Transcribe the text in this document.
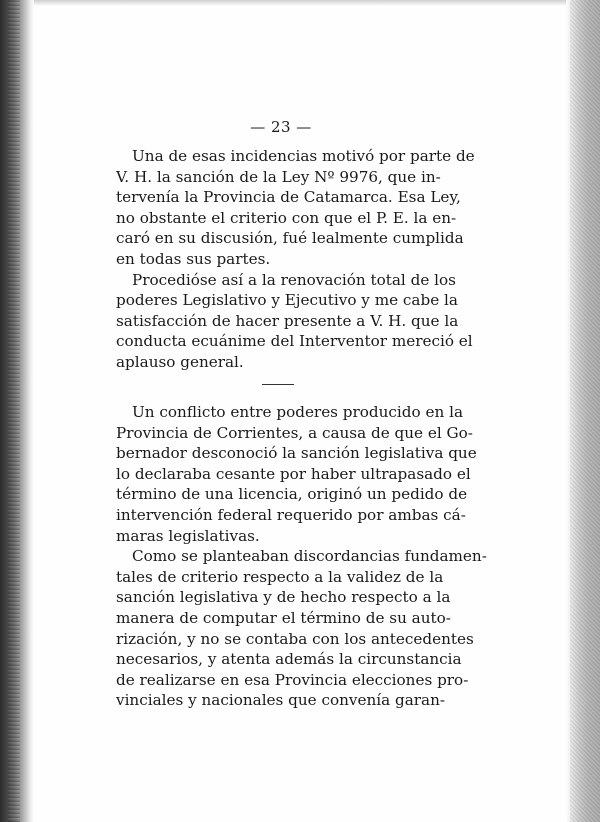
— 23 —
Una de esas incidencias motivó por parte de
V. H. la sanción de la Ley Nº 9976, que in-
tervenía la Provincia de Catamarca. Esa Ley,
no obstante el criterio con que el P. E. la en-
caró en su discusión, fué lealmente cumplida
en todas sus partes.
Procedióse así a la renovación total de los
poderes Legislativo y Ejecutivo y me cabe la
satisfacción de hacer presente a V. H. que la
conducta ecuánime del Interventor mereció el
aplauso general.
Un conflicto entre poderes producido en la
Provincia de Corrientes, a causa de que el Go-
bernador desconoció la sanción legislativa que
lo declaraba cesante por haber ultrapasado el
término de una licencia, originó un pedido de
intervención federal requerido por ambas cá-
maras legislativas.
Como se planteaban discordancias fundamen-
tales de criterio respecto a la validez de la
sanción legislativa y de hecho respecto a la
manera de computar el término de su auto-
rización, y no se contaba con los antecedentes
necesarios, y atenta además la circunstancia
de realizarse en esa Provincia elecciones pro-
vinciales y nacionales que convenía garan-
